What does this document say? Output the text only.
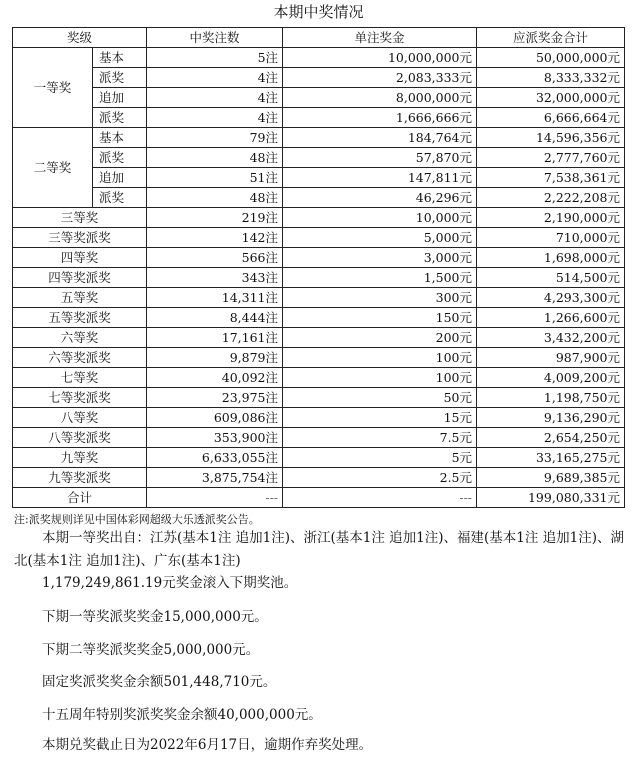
本期中奖情况
奖级		中奖注数	单注奖金	应派奖金合计
一等奖	基本	5注	10,000,000元	50,000,000元
	派奖	4注	2,083,333元	8,333,332元
	追加	4注	8,000,000元	32,000,000元
	派奖	4注	1,666,666元	6,666,664元
二等奖	基本	79注	184,764元	14,596,356元
	派奖	48注	57,870元	2,777,760元
	追加	51注	147,811元	7,538,361元
	派奖	48注	46,296元	2,222,208元
三等奖		219注	10,000元	2,190,000元
三等奖派奖		142注	5,000元	710,000元
四等奖		566注	3,000元	1,698,000元
四等奖派奖		343注	1,500元	514,500元
五等奖		14,311注	300元	4,293,300元
五等奖派奖		8,444注	150元	1,266,600元
六等奖		17,161注	200元	3,432,200元
六等奖派奖		9,879注	100元	987,900元
七等奖		40,092注	100元	4,009,200元
七等奖派奖		23,975注	50元	1,198,750元
八等奖		609,086注	15元	9,136,290元
八等奖派奖		353,900注	7.5元	2,654,250元
九等奖		6,633,055注	5元	33,165,275元
九等奖派奖		3,875,754注	2.5元	9,689,385元
合计		---	---	199,080,331元
注:派奖规则详见中国体彩网超级大乐透派奖公告。
本期一等奖出自：江苏(基本1注 追加1注)、浙江(基本1注 追加1注)、福建(基本1注 追加1注)、湖北(基本1注 追加1注)、广东(基本1注)
1,179,249,861.19元奖金滚入下期奖池。
下期一等奖派奖奖金15,000,000元。
下期二等奖派奖奖金5,000,000元。
固定奖派奖奖金余额501,448,710元。
十五周年特别奖派奖奖金余额40,000,000元。
本期兑奖截止日为2022年6月17日，逾期作弃奖处理。
